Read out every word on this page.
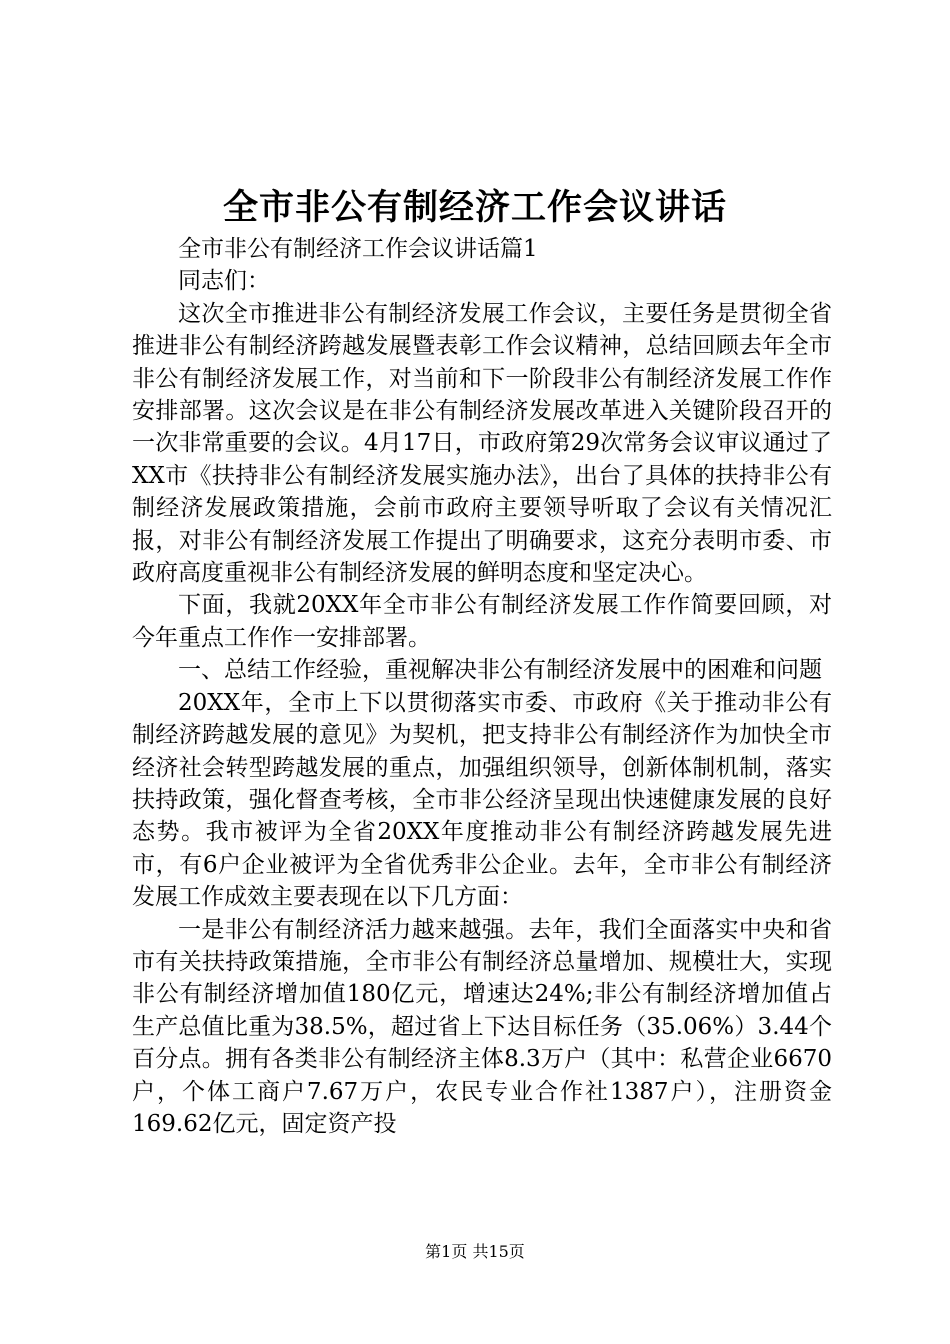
全市非公有制经济工作会议讲话

全市非公有制经济工作会议讲话篇1

同志们：

这次全市推进非公有制经济发展工作会议，主要任务是贯彻全省推进非公有制经济跨越发展暨表彰工作会议精神，总结回顾去年全市非公有制经济发展工作，对当前和下一阶段非公有制经济发展工作作安排部署。这次会议是在非公有制经济发展改革进入关键阶段召开的一次非常重要的会议。4月17日，市政府第29次常务会议审议通过了XX市《扶持非公有制经济发展实施办法》，出台了具体的扶持非公有制经济发展政策措施，会前市政府主要领导听取了会议有关情况汇报，对非公有制经济发展工作提出了明确要求，这充分表明市委、市政府高度重视非公有制经济发展的鲜明态度和坚定决心。

下面，我就20XX年全市非公有制经济发展工作作简要回顾，对今年重点工作作一安排部署。

一、总结工作经验，重视解决非公有制经济发展中的困难和问题

20XX年，全市上下以贯彻落实市委、市政府《关于推动非公有制经济跨越发展的意见》为契机，把支持非公有制经济作为加快全市经济社会转型跨越发展的重点，加强组织领导，创新体制机制，落实扶持政策，强化督查考核，全市非公经济呈现出快速健康发展的良好态势。我市被评为全省20XX年度推动非公有制经济跨越发展先进市，有6户企业被评为全省优秀非公企业。去年，全市非公有制经济发展工作成效主要表现在以下几方面：

一是非公有制经济活力越来越强。去年，我们全面落实中央和省市有关扶持政策措施，全市非公有制经济总量增加、规模壮大，实现非公有制经济增加值180亿元，增速达24%;非公有制经济增加值占生产总值比重为38.5%，超过省上下达目标任务（35.06%）3.44个百分点。拥有各类非公有制经济主体8.3万户（其中：私营企业6670户，个体工商户7.67万户，农民专业合作社1387户），注册资金169.62亿元，固定资产投

第1页 共15页
